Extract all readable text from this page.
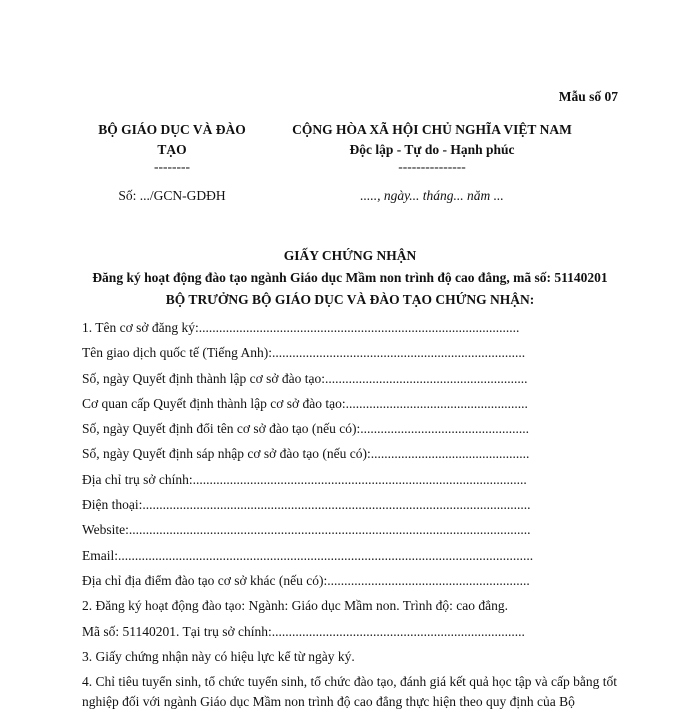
Mẫu số 07
BỘ GIÁO DỤC VÀ ĐÀO
TẠO
--------
CỘNG HÒA XÃ HỘI CHỦ NGHĨA VIỆT NAM
Độc lập - Tự do - Hạnh phúc
---------------
Số: .../GCN-GDĐH	....., ngày... tháng... năm ...
GIẤY CHỨNG NHẬN
Đăng ký hoạt động đào tạo ngành Giáo dục Mầm non trình độ cao đẳng, mã số: 51140201
BỘ TRƯỞNG BỘ GIÁO DỤC VÀ ĐÀO TẠO CHỨNG NHẬN:
1. Tên cơ sở đăng ký:...............................................................................................
Tên giao dịch quốc tế (Tiếng Anh):...........................................................................
Số, ngày Quyết định thành lập cơ sở đào tạo:............................................................
Cơ quan cấp Quyết định thành lập cơ sở đào tạo:......................................................
Số, ngày Quyết định đổi tên cơ sở đào tạo (nếu có):..................................................
Số, ngày Quyết định sáp nhập cơ sở đào tạo (nếu có):...............................................
Địa chỉ trụ sở chính:...................................................................................................
Điện thoại:...................................................................................................................
Website:.......................................................................................................................
Email:...........................................................................................................................
Địa chỉ địa điểm đào tạo cơ sở khác (nếu có):............................................................
2. Đăng ký hoạt động đào tạo: Ngành: Giáo dục Mầm non. Trình độ: cao đẳng.
Mã số: 51140201. Tại trụ sở chính:...........................................................................
3. Giấy chứng nhận này có hiệu lực kể từ ngày ký.
4. Chỉ tiêu tuyển sinh, tổ chức tuyển sinh, tổ chức đào tạo, đánh giá kết quả học tập và cấp bằng tốt nghiệp đối với ngành Giáo dục Mầm non trình độ cao đẳng thực hiện theo quy định của Bộ
